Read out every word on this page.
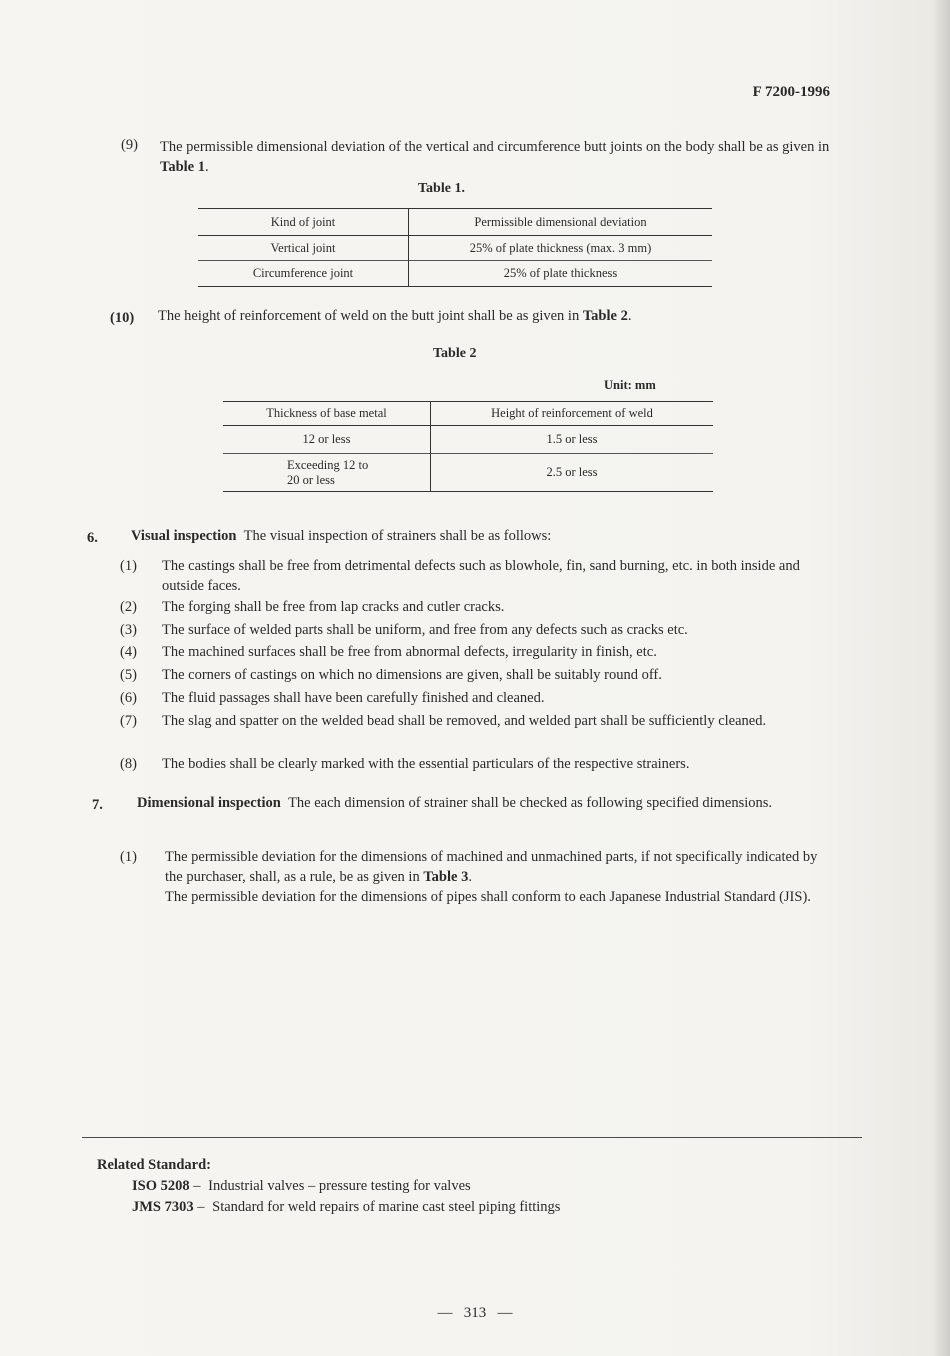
F 7200-1996
(9) The permissible dimensional deviation of the vertical and circumference butt joints on the body shall be as given in Table 1.
Table 1.
Kind of joint	Permissible dimensional deviation
Vertical joint	25% of plate thickness (max. 3 mm)
Circumference joint	25% of plate thickness
(10) The height of reinforcement of weld on the butt joint shall be as given in Table 2.
Table 2
Unit: mm
Thickness of base metal	Height of reinforcement of weld
12 or less	1.5 or less

Exceeding 12 to
20 or less	2.5 or less
6. Visual inspection The visual inspection of strainers shall be as follows:
(1) The castings shall be free from detrimental defects such as blowhole, fin, sand burning, etc. in both inside and outside faces.
(2) The forging shall be free from lap cracks and cutler cracks.
(3) The surface of welded parts shall be uniform, and free from any defects such as cracks etc.
(4) The machined surfaces shall be free from abnormal defects, irregularity in finish, etc.
(5) The corners of castings on which no dimensions are given, shall be suitably round off.
(6) The fluid passages shall have been carefully finished and cleaned.
(7) The slag and spatter on the welded bead shall be removed, and welded part shall be sufficiently cleaned.
(8) The bodies shall be clearly marked with the essential particulars of the respective strainers.
7.	Dimensional inspection The each dimension of strainer shall be checked as following specified dimensions.
(1) The permissible deviation for the dimensions of machined and unmachined parts, if not specifically indicated by the purchaser, shall, as a rule, be as given in Table 3.
The permissible deviation for the dimensions of pipes shall conform to each Japanese Industrial Standard (JIS).
Related Standard:
ISO 5208 – Industrial valves – pressure testing for valves
JMS 7303 – Standard for weld repairs of marine cast steel piping fittings
— 313 —
